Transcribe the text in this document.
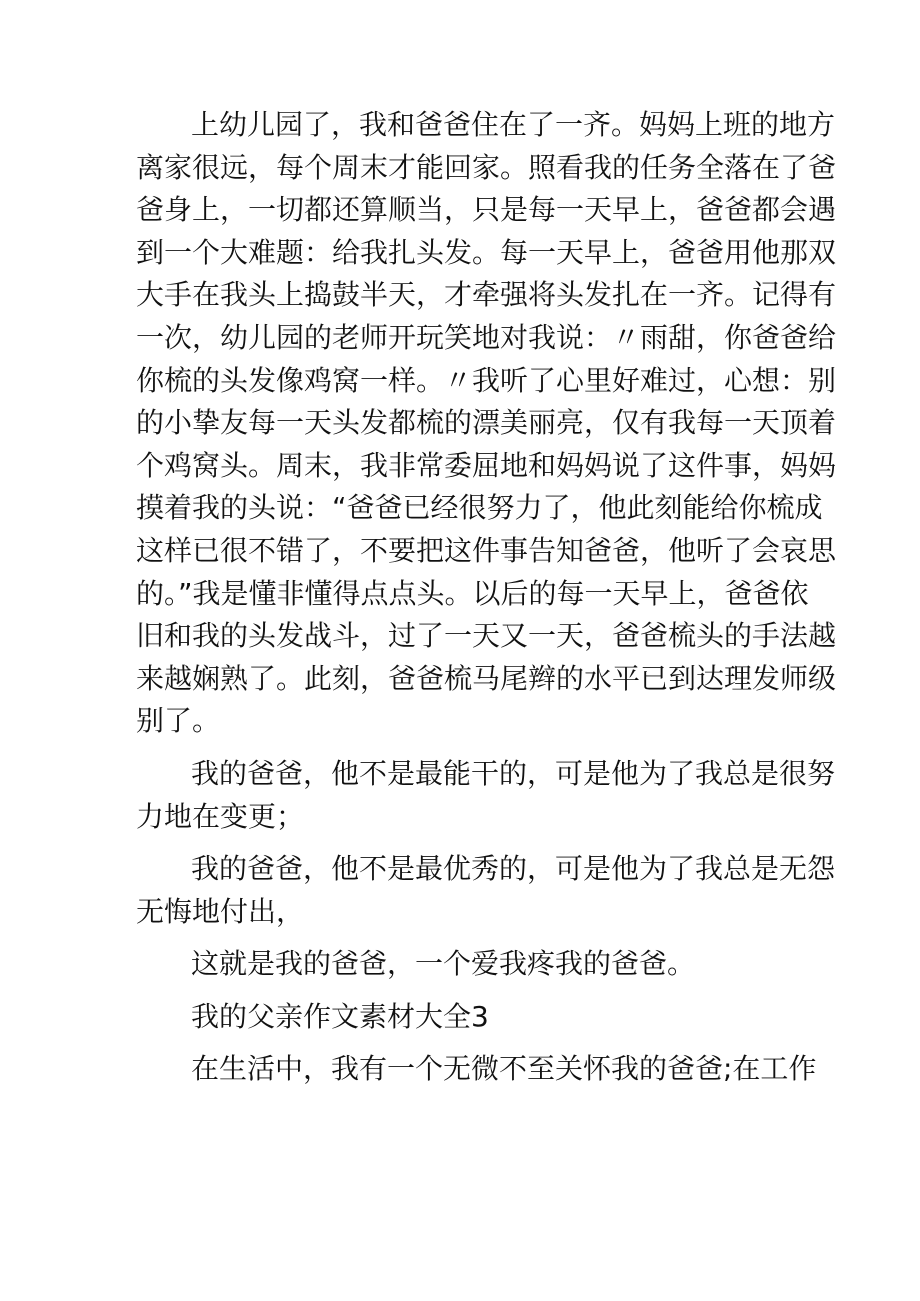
上幼儿园了，我和爸爸住在了一齐。妈妈上班的地方
离家很远，每个周末才能回家。照看我的任务全落在了爸
爸身上，一切都还算顺当，只是每一天早上，爸爸都会遇
到一个大难题：给我扎头发。每一天早上，爸爸用他那双
大手在我头上捣鼓半天，才牵强将头发扎在一齐。记得有
一次，幼儿园的老师开玩笑地对我说：〃雨甜，你爸爸给
你梳的头发像鸡窝一样。〃我听了心里好难过，心想：别
的小挚友每一天头发都梳的漂美丽亮，仅有我每一天顶着
个鸡窝头。周末，我非常委屈地和妈妈说了这件事，妈妈
摸着我的头说：“爸爸已经很努力了，他此刻能给你梳成
这样已很不错了，不要把这件事告知爸爸，他听了会哀思
的。”我是懂非懂得点点头。以后的每一天早上，爸爸依
旧和我的头发战斗，过了一天又一天，爸爸梳头的手法越
来越娴熟了。此刻，爸爸梳马尾辫的水平已到达理发师级
别了。
我的爸爸，他不是最能干的，可是他为了我总是很努
力地在变更；
我的爸爸，他不是最优秀的，可是他为了我总是无怨
无悔地付出，
这就是我的爸爸，一个爱我疼我的爸爸。
我的父亲作文素材大全3
在生活中，我有一个无微不至关怀我的爸爸;在工作
